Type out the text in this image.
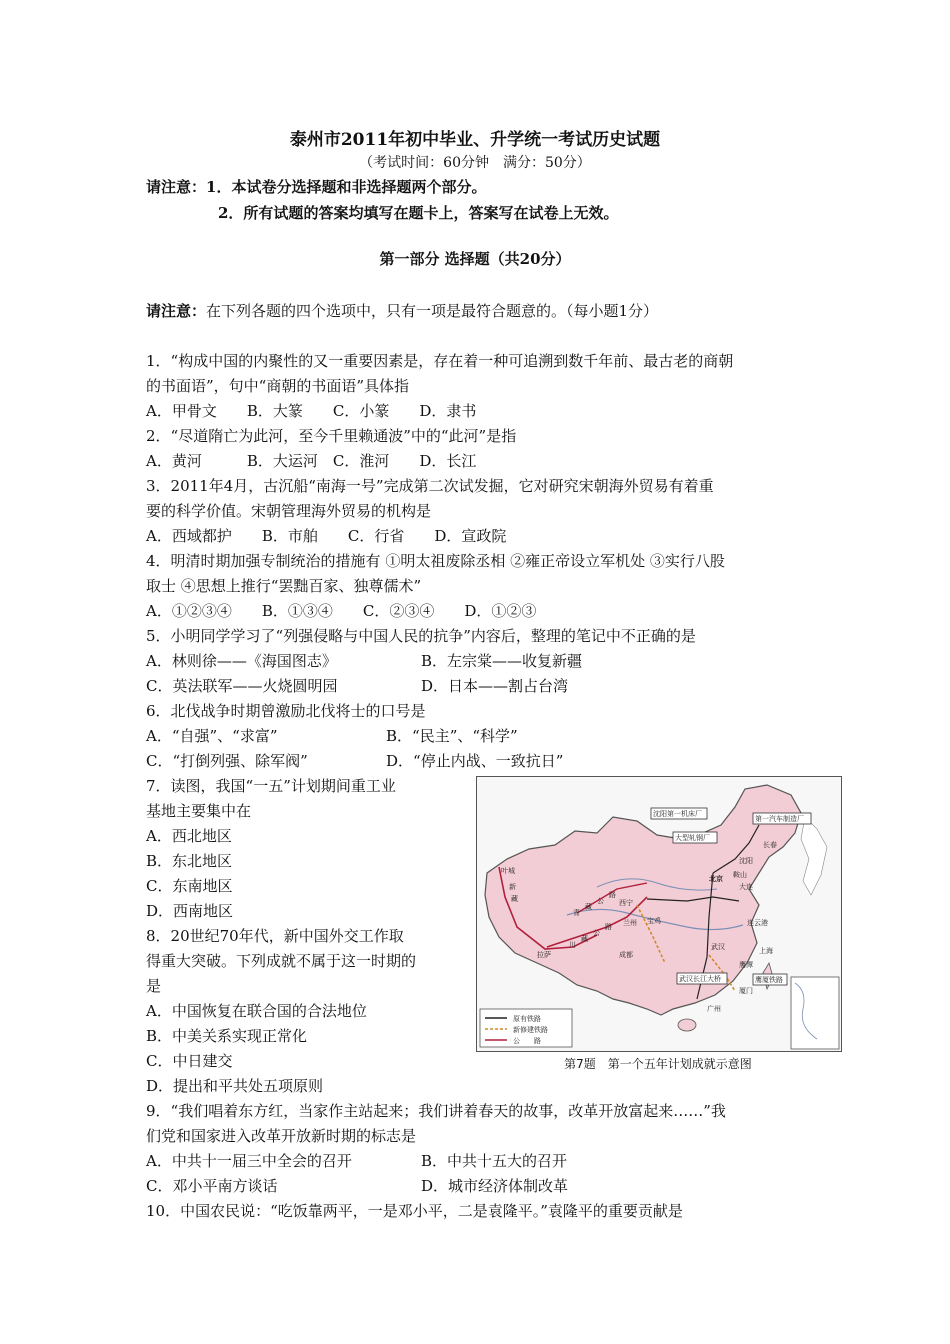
泰州市2011年初中毕业、升学统一考试历史试题
（考试时间：60分钟　满分：50分）
请注意：1．本试卷分选择题和非选择题两个部分。
2．所有试题的答案均填写在题卡上，答案写在试卷上无效。
第一部分 选择题（共20分）
请注意：在下列各题的四个选项中，只有一项是最符合题意的。（每小题1分）
1．“构成中国的内聚性的又一重要因素是，存在着一种可追溯到数千年前、最古老的商朝
的书面语”，句中“商朝的书面语”具体指
A．甲骨文　　B．大篆　　C．小篆　　D．隶书
2．“尽道隋亡为此河，至今千里赖通波”中的“此河”是指
A．黄河　　　B．大运河　C．淮河　　D．长江
3．2011年4月，古沉船“南海一号”完成第二次试发掘，它对研究宋朝海外贸易有着重
要的科学价值。宋朝管理海外贸易的机构是
A．西域都护　　B．市舶　　C．行省　　D．宣政院
4．明清时期加强专制统治的措施有 ①明太祖废除丞相 ②雍正帝设立军机处 ③实行八股
取士 ④思想上推行“罢黜百家、独尊儒术”
A．①②③④　　B．①③④　　C．②③④　　D．①②③
5．小明同学学习了“列强侵略与中国人民的抗争”内容后，整理的笔记中不正确的是
A．林则徐——《海国图志》	B．左宗棠——收复新疆
C．英法联军——火烧圆明园	D．日本——割占台湾
6．北伐战争时期曾激励北伐将士的口号是
A．“自强”、“求富”	B．“民主”、“科学”
C．“打倒列强、除军阀”	D．“停止内战、一致抗日”
7．读图，我国“一五”计划期间重工业
基地主要集中在
A．西北地区
B．东北地区
C．东南地区
D．西南地区
8．20世纪70年代，新中国外交工作取
得重大突破。下列成就不属于这一时期的
是
A．中国恢复在联合国的合法地位
B．中美关系实现正常化
C．中日建交
D．提出和平共处五项原则
9．“我们唱着东方红，当家作主站起来；我们讲着春天的故事，改革开放富起来……”我
们党和国家进入改革开放新时期的标志是
A．中共十一届三中全会的召开	B．中共十五大的召开
C．邓小平南方谈话	D．城市经济体制改革
10．中国农民说：“吃饭靠两平，一是邓小平，二是袁隆平。”袁隆平的重要贡献是
第一汽车制造厂
沈阳第一机床厂
大型轧钢厂
长春
沈阳
北京 鞍山
大连
叶城
西宁
兰州 宝鸡
拉萨	成都
武汉	上海
鹰潭
厦门
广州
连云港
武汉长江大桥	鹰厦铁路
新
藏
青
藏
公
路
川
藏
公
路
原有铁路
新修建铁路
公　　路
第7题　第一个五年计划成就示意图
